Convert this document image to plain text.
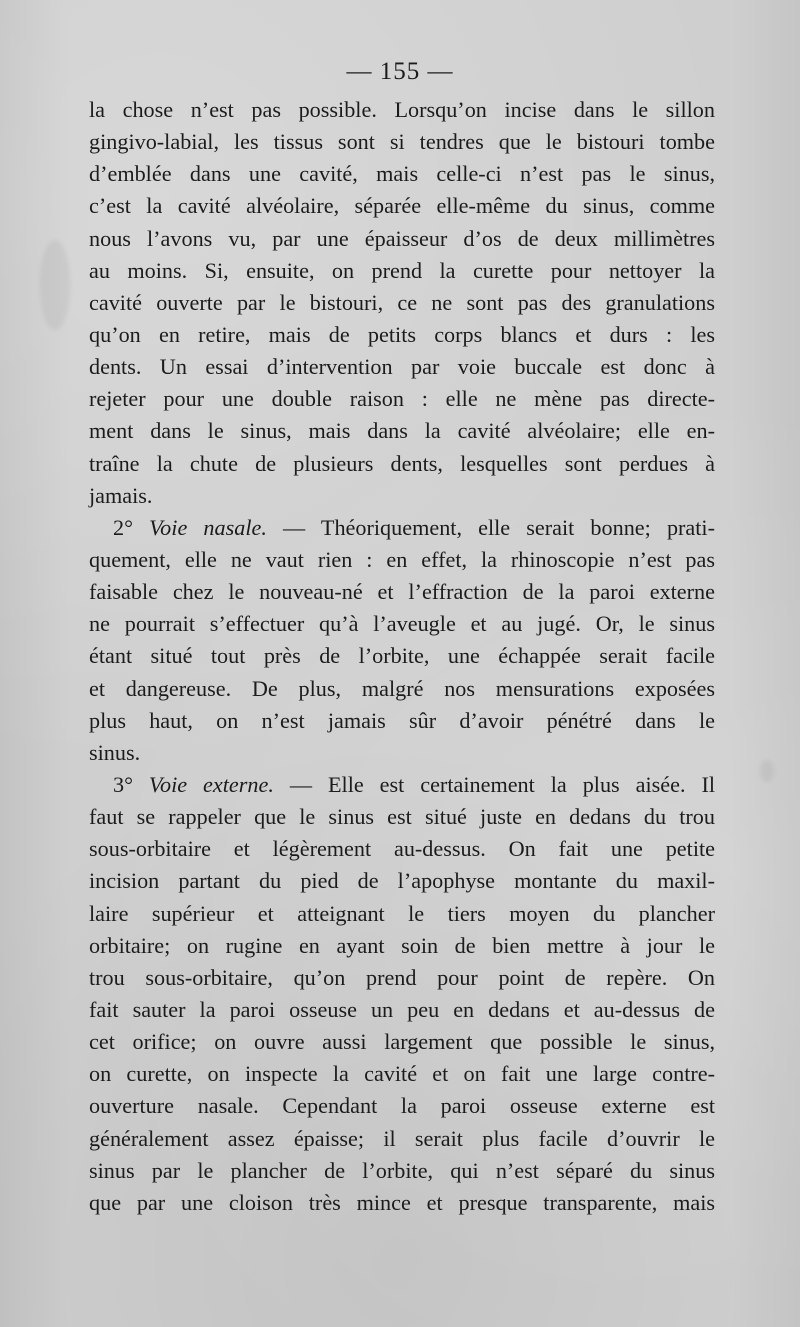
— 155 —
la chose n’est pas possible. Lorsqu’on incise dans le sillon
gingivo-labial, les tissus sont si tendres que le bistouri tombe
d’emblée dans une cavité, mais celle-ci n’est pas le sinus,
c’est la cavité alvéolaire, séparée elle-même du sinus, comme
nous l’avons vu, par une épaisseur d’os de deux millimètres
au moins. Si, ensuite, on prend la curette pour nettoyer la
cavité ouverte par le bistouri, ce ne sont pas des granulations
qu’on en retire, mais de petits corps blancs et durs : les
dents. Un essai d’intervention par voie buccale est donc à
rejeter pour une double raison : elle ne mène pas directe-
ment dans le sinus, mais dans la cavité alvéolaire; elle en-
traîne la chute de plusieurs dents, lesquelles sont perdues à
jamais.
2° Voie nasale. — Théoriquement, elle serait bonne; prati-
quement, elle ne vaut rien : en effet, la rhinoscopie n’est pas
faisable chez le nouveau-né et l’effraction de la paroi externe
ne pourrait s’effectuer qu’à l’aveugle et au jugé. Or, le sinus
étant situé tout près de l’orbite, une échappée serait facile
et dangereuse. De plus, malgré nos mensurations exposées
plus haut, on n’est jamais sûr d’avoir pénétré dans le
sinus.
3° Voie externe. — Elle est certainement la plus aisée. Il
faut se rappeler que le sinus est situé juste en dedans du trou
sous-orbitaire et légèrement au-dessus. On fait une petite
incision partant du pied de l’apophyse montante du maxil-
laire supérieur et atteignant le tiers moyen du plancher
orbitaire; on rugine en ayant soin de bien mettre à jour le
trou sous-orbitaire, qu’on prend pour point de repère. On
fait sauter la paroi osseuse un peu en dedans et au-dessus de
cet orifice; on ouvre aussi largement que possible le sinus,
on curette, on inspecte la cavité et on fait une large contre-
ouverture nasale. Cependant la paroi osseuse externe est
généralement assez épaisse; il serait plus facile d’ouvrir le
sinus par le plancher de l’orbite, qui n’est séparé du sinus
que par une cloison très mince et presque transparente, mais
